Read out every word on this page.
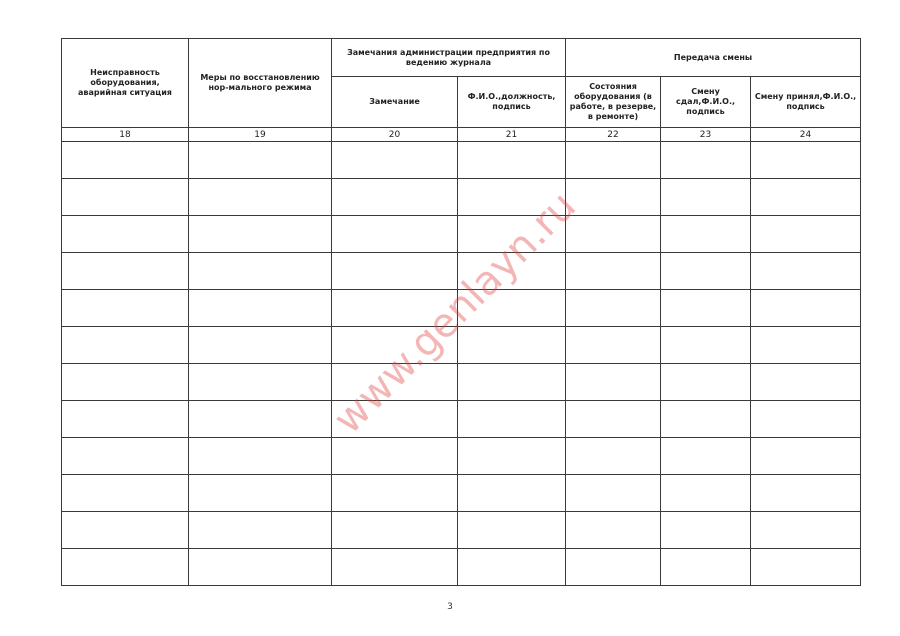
Неисправность оборудования, аварийная ситуация	Меры по восстановлению нор-мального режима	Замечания администрации предприятия по ведению журнала		Передача смены		
		Замечание	Ф.И.О.,должность, подпись	Состояния оборудования (в работе, в резерве, в ремонте)	Смену сдал,Ф.И.О., подпись	Смену принял,Ф.И.О., подпись
18	19	20	21	22	23	24

www.genlayn.ru
3
